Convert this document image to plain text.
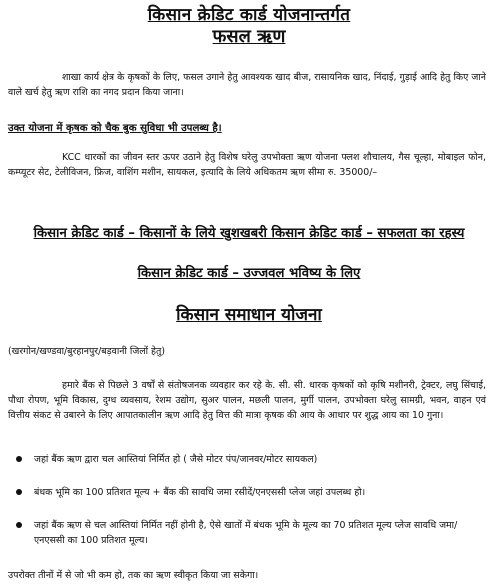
किसान क्रेडिट कार्ड योजनान्तर्गत
फसल ऋण
शाखा कार्य क्षेत्र के कृषकों के लिए, फसल उगाने हेतु आवश्यक खाद बीज, रासायनिक खाद, निंदाई, गुड़ाई आदि हेतु किए जाने वाले खर्च हेतु ऋण राशि का नगद प्रदान किया जाना।
उक्त योजना में कृषक को चैक बुक सुविधा भी उपलब्ध है।
KCC धारकों का जीवन स्तर ऊपर उठाने हेतु विशेष घरेलु उपभोक्ता ऋण योजना फ्लश शौचालय, गैस चूल्हा, मोबाइल फोन, कम्प्यूटर सेट, टेलीविजन, फ्रिज, वाशिंग मशीन, सायकल, इत्यादि के लिये अधिकतम ऋण सीमा रु. 35000/–
किसान क्रेडिट कार्ड – किसानों के लिये खुशखबरी किसान क्रेडिट कार्ड – सफलता का रहस्य
किसान क्रेडिट कार्ड – उज्जवल भविष्य के लिए
किसान समाधान योजना
(खरगोन/खण्डवा/बुरहानपुर/बड़वानी जिलों हेतु)
हमारे बैंक से पिछले 3 वर्षों से संतोषजनक व्यवहार कर रहे के. सी. सी. धारक कृषकों को कृषि मशीनरी, ट्रेक्टर, लघु सिंचाई, पौधा रोपण, भूमि विकास, दुग्ध व्यवसाय, रेशम उद्योग, सुअर पालन, मछली पालन, मुर्गी पालन, उपभोक्ता घरेलु सामग्री, भवन, वाहन एवं वित्तीय संकट से उबारने के लिए आपातकालीन ऋण आदि हेतु वित्त की मात्रा कृषक की आय के आधार पर शुद्ध आय का 10 गुना।
जहां बैंक ऋण द्वारा चल आस्तियां निर्मित हो ( जैसे मोटर पंप/जानवर/मोटर सायकल)
बंधक भूमि का 100 प्रतिशत मूल्य + बैंक की सावधि जमा रसीदें/एनएससी प्लेज जहां उपलब्ध हो।
जहां बैंक ऋण से चल आस्तियां निर्मित नहीं होनी है, ऐसे खातों में बंधक भूमि के मूल्य का 70 प्रतिशत मूल्य प्लेज सावधि जमा/एनएससी का 100 प्रतिशत मूल्य।
उपरोक्त तीनों में से जो भी कम हो, तक का ऋण स्वीकृत किया जा सकेगा।
